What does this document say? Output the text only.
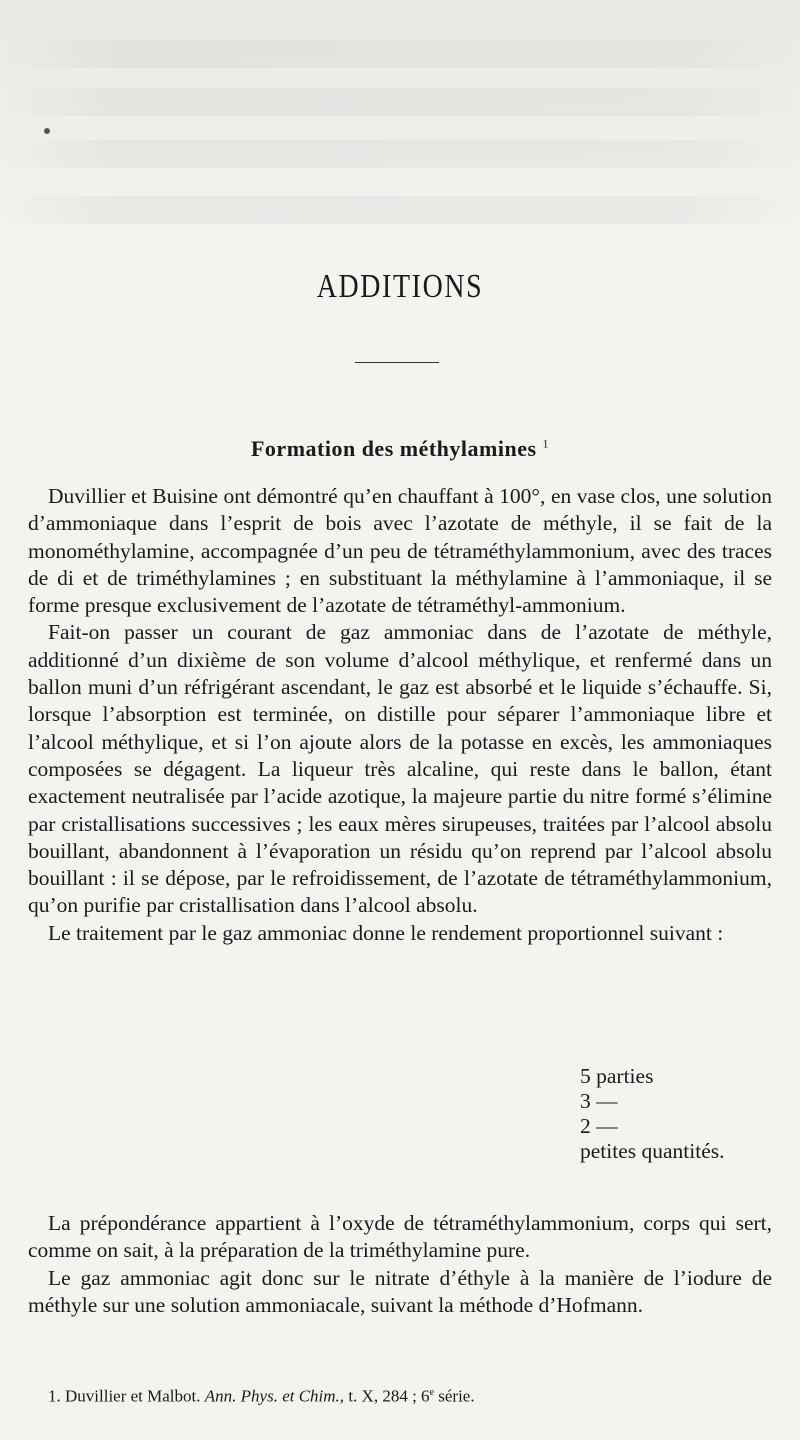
ADDITIONS
Formation des méthylamines $^1$

Duvillier et Buisine ont démontré qu’en chauffant à 100°, en vase clos, une solution d’ammoniaque dans l’esprit de bois avec l’azotate de méthyle, il se fait de la monométhylamine, accompagnée d’un peu de tétraméthylammonium, avec des traces de di et de triméthylamines ; en substituant la méthylamine à l’ammoniaque, il se forme presque exclusivement de l’azotate de tétraméthyl-ammonium.

Fait-on passer un courant de gaz ammoniac dans de l’azotate de méthyle, additionné d’un dixième de son volume d’alcool méthylique, et renfermé dans un ballon muni d’un réfrigérant ascendant, le gaz est absorbé et le liquide s’échauffe. Si, lorsque l’absorption est terminée, on distille pour séparer l’ammoniaque libre et l’alcool méthylique, et si l’on ajoute alors de la potasse en excès, les ammoniaques composées se dégagent. La liqueur très alcaline, qui reste dans le ballon, étant exactement neutralisée par l’acide azotique, la majeure partie du nitre formé s’élimine par cristallisations successives ; les eaux mères sirupeuses, traitées par l’alcool absolu bouillant, abandonnent à l’évaporation un résidu qu’on reprend par l’alcool absolu bouillant : il se dépose, par le refroidissement, de l’azotate de tétraméthylammonium, qu’on purifie par cristallisation dans l’alcool absolu.

Le traitement par le gaz ammoniac donne le rendement proportionnel suivant :

5 parties
3 —
2 —
petites quantités.

La prépondérance appartient à l’oxyde de tétraméthylammonium, corps qui sert, comme on sait, à la préparation de la triméthylamine pure.

Le gaz ammoniac agit donc sur le nitrate d’éthyle à la manière de l’iodure de méthyle sur une solution ammoniacale, suivant la méthode d’Hofmann.

1. Duvillier et Malbot. Ann. Phys. et Chim., t. X, 284 ; 6e série.
